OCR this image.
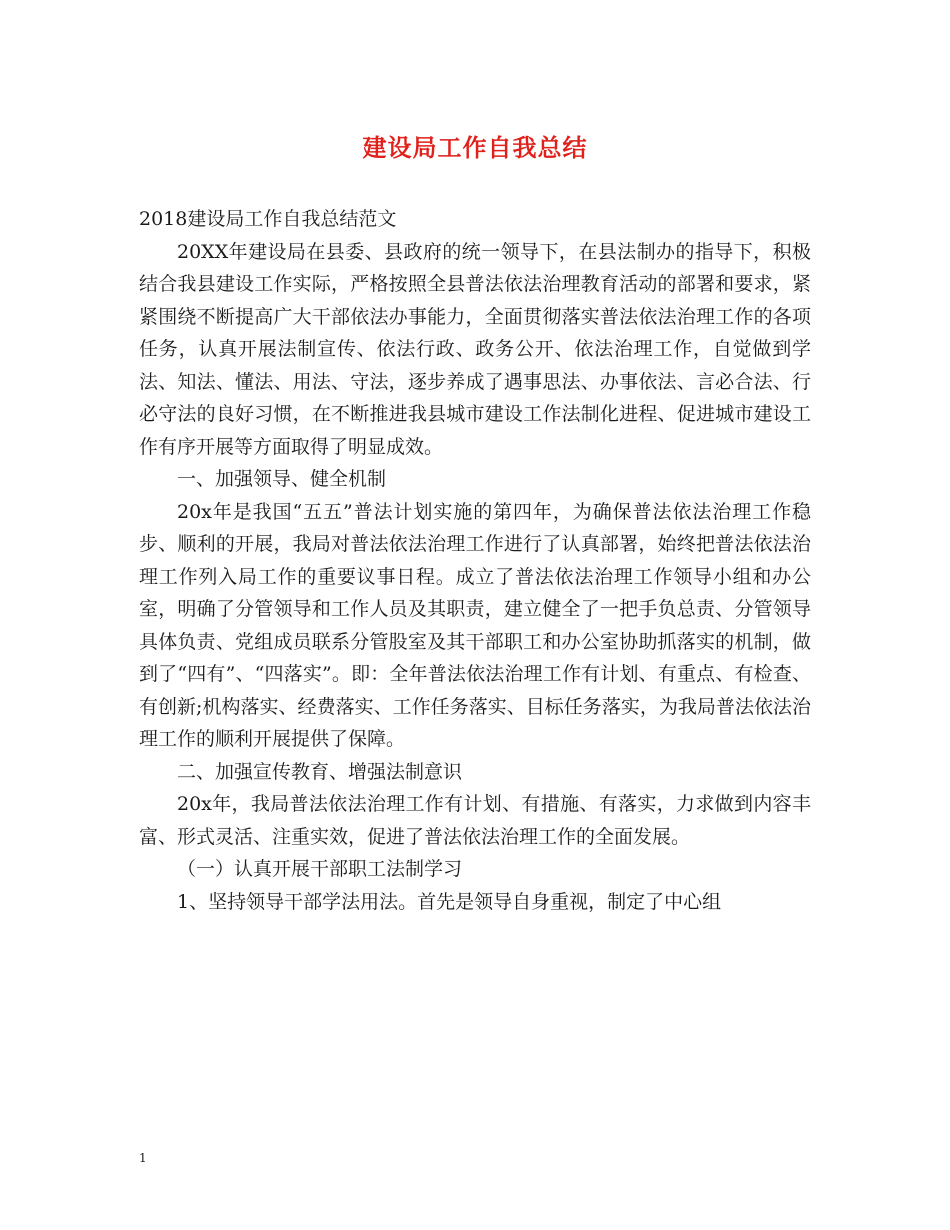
建设局工作自我总结

2018建设局工作自我总结范文

20XX年建设局在县委、县政府的统一领导下，在县法制办的指导下，积极结合我县建设工作实际，严格按照全县普法依法治理教育活动的部署和要求，紧紧围绕不断提高广大干部依法办事能力，全面贯彻落实普法依法治理工作的各项任务，认真开展法制宣传、依法行政、政务公开、依法治理工作，自觉做到学法、知法、懂法、用法、守法，逐步养成了遇事思法、办事依法、言必合法、行必守法的良好习惯，在不断推进我县城市建设工作法制化进程、促进城市建设工作有序开展等方面取得了明显成效。

一、加强领导、健全机制

20x年是我国“五五”普法计划实施的第四年，为确保普法依法治理工作稳步、顺利的开展，我局对普法依法治理工作进行了认真部署，始终把普法依法治理工作列入局工作的重要议事日程。成立了普法依法治理工作领导小组和办公室，明确了分管领导和工作人员及其职责，建立健全了一把手负总责、分管领导具体负责、党组成员联系分管股室及其干部职工和办公室协助抓落实的机制，做到了“四有”、“四落实”。即：全年普法依法治理工作有计划、有重点、有检查、有创新;机构落实、经费落实、工作任务落实、目标任务落实，为我局普法依法治理工作的顺利开展提供了保障。

二、加强宣传教育、增强法制意识

20x年，我局普法依法治理工作有计划、有措施、有落实，力求做到内容丰富、形式灵活、注重实效，促进了普法依法治理工作的全面发展。

（一）认真开展干部职工法制学习

1、坚持领导干部学法用法。首先是领导自身重视，制定了中心组

1
